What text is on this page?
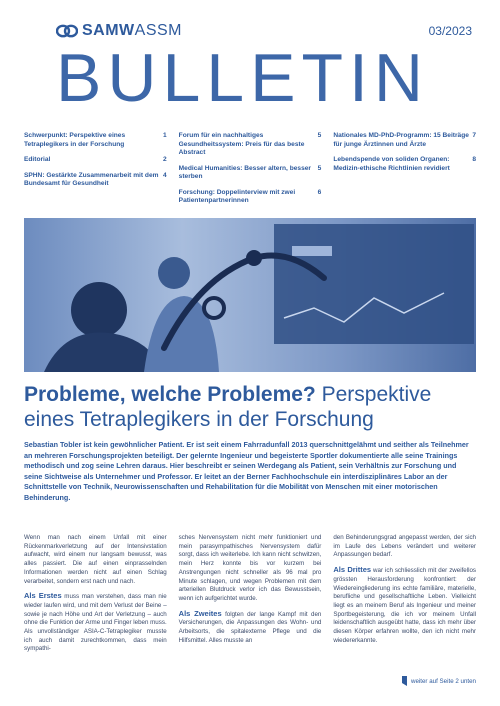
SAMWASSM	03/2023
BULLETIN
1
Schwerpunkt: Perspektive eines Tetraplegikers in der Forschung
2
Editorial
4
SPHN: Gestärkte Zusammenarbeit mit dem Bundesamt für Gesundheit
5
Forum für ein nachhaltiges Gesundheitssystem: Preis für das beste Abstract
5
Medical Humanities: Besser altern, besser sterben
6
Forschung: Doppelinterview mit zwei Patientenpartnerinnen
7
Nationales MD-PhD-Programm: 15 Beiträge für junge Ärztinnen und Ärzte
8
Lebendspende von soliden Organen: Medizin-ethische Richtlinien revidiert
Probleme, welche Probleme? Perspektive eines Tetraplegikers in der Forschung
Sebastian Tobler ist kein gewöhnlicher Patient. Er ist seit einem Fahrradunfall 2013 querschnittgelähmt und seither als Teilnehmer an mehreren Forschungsprojekten beteiligt. Der gelernte Ingenieur und begeisterte Sportler dokumentierte alle seine Trainings methodisch und zog seine Lehren daraus. Hier beschreibt er seinen Werdegang als Patient, sein Verhältnis zur Forschung und seine Sichtweise als Unternehmer und Professor. Er leitet an der Berner Fachhochschule ein interdisziplinäres Labor an der Schnittstelle von Technik, Neurowissenschaften und Rehabilitation für die Mobilität von Menschen mit einer motorischen Behinderung.

Wenn man nach einem Unfall mit einer Rückenmarkverletzung auf der Intensivstation aufwacht, wird einem nur langsam bewusst, was alles passiert. Die auf einen einprasselnden Informationen werden nicht auf einen Schlag verarbeitet, sondern erst nach und nach.

Als Erstes muss man verstehen, dass man nie wieder laufen wird, und mit dem Verlust der Beine – sowie je nach Höhe und Art der Verletzung – auch ohne die Funktion der Arme und Finger leben muss. Als unvollständiger ASIA-C-Tetraplegiker musste ich auch damit zurechtkommen, dass mein sympathi-

sches Nervensystem nicht mehr funktioniert und mein parasympathisches Nervensystem dafür sorgt, dass ich weiterlebe. Ich kann nicht schwitzen, mein Herz konnte bis vor kurzem bei Anstrengungen nicht schneller als 96 mal pro Minute schlagen, und wegen Problemen mit dem arteriellen Blutdruck verlor ich das Bewusstsein, wenn ich aufgerichtet wurde.

Als Zweites folgten der lange Kampf mit den Versicherungen, die Anpassungen des Wohn- und Arbeitsorts, die spitalexterne Pflege und die Hilfsmittel. Alles musste an

den Behinderungsgrad angepasst werden, der sich im Laufe des Lebens verändert und weiterer Anpassungen bedarf.

Als Drittes war ich schliesslich mit der zweifellos grössten Herausforderung konfrontiert: der Wiedereingliederung ins echte familiäre, materielle, berufliche und gesellschaftliche Leben. Vielleicht liegt es an meinem Beruf als Ingenieur und meiner Sportbegeisterung, die ich vor meinem Unfall leidenschaftlich ausgeübt hatte, dass ich mehr über diesen Körper erfahren wollte, den ich nicht mehr wiedererkannte.

weiter auf Seite 2 unten
